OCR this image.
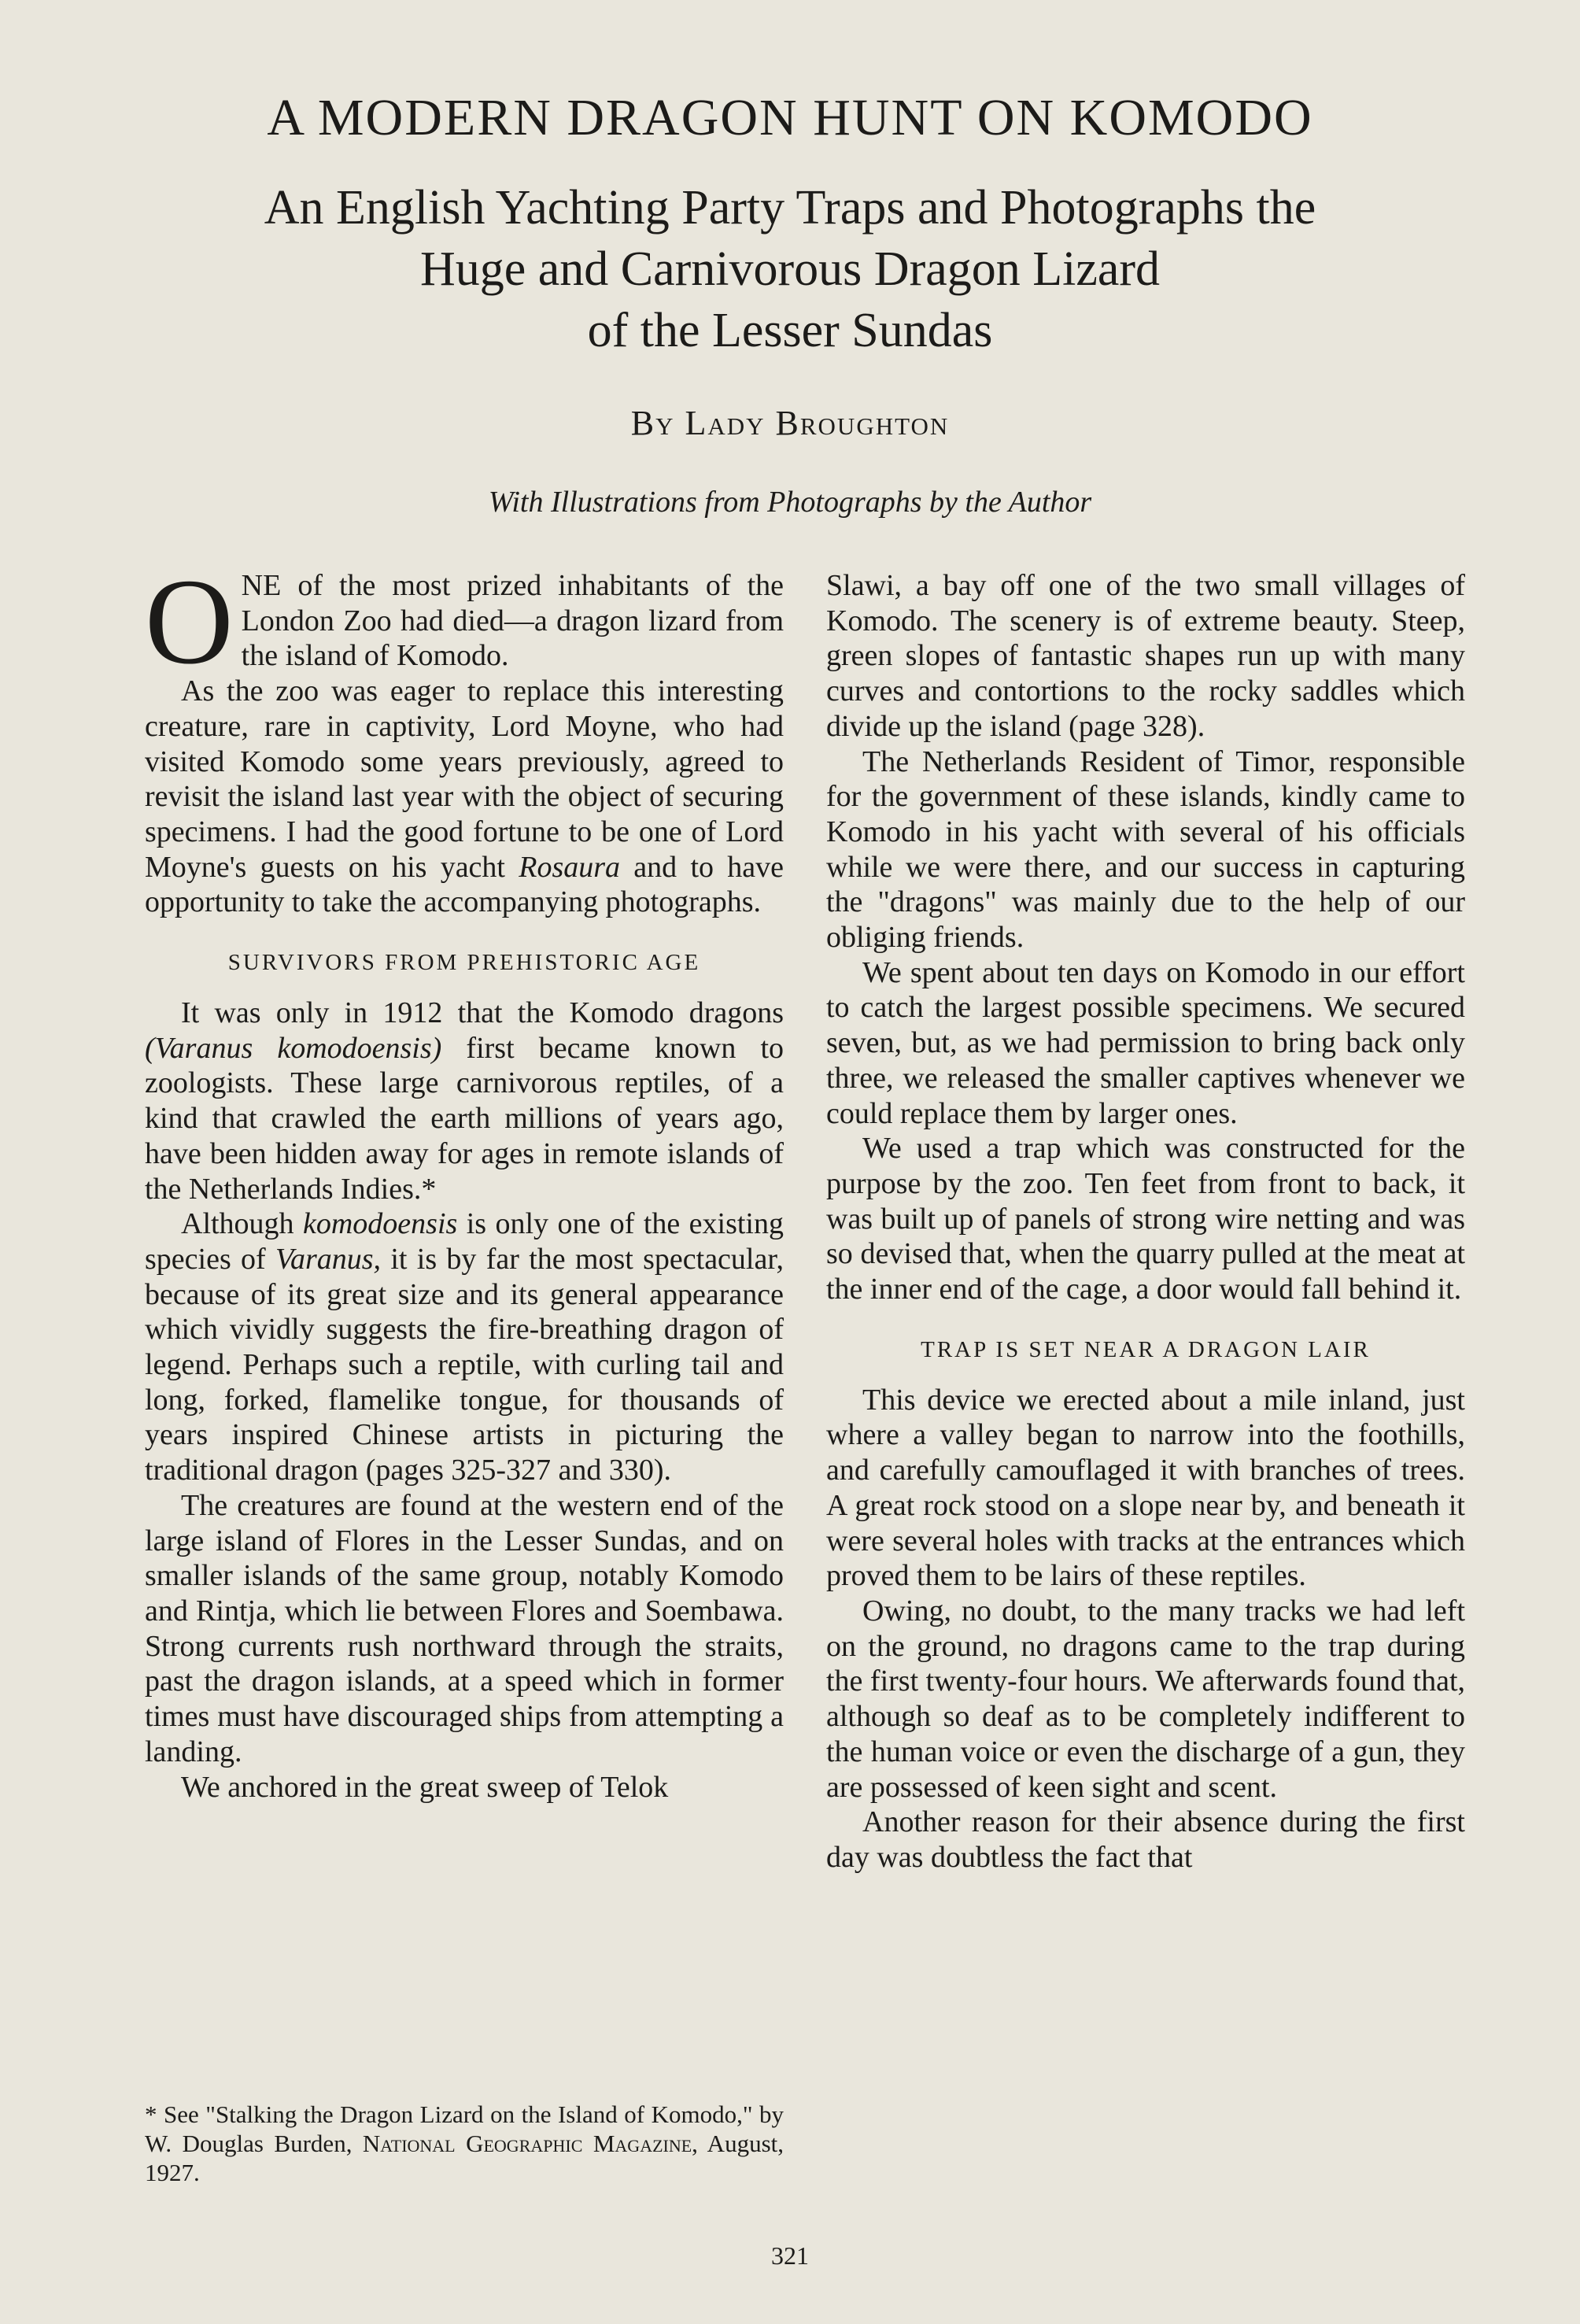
A MODERN DRAGON HUNT ON KOMODO
An English Yachting Party Traps and Photographs the
Huge and Carnivorous Dragon Lizard
of the Lesser Sundas
By Lady Broughton
With Illustrations from Photographs by the Author

ONE of the most prized inhabitants of the London Zoo had died—a dragon lizard from the island of Komodo.

As the zoo was eager to replace this interesting creature, rare in captivity, Lord Moyne, who had visited Komodo some years previously, agreed to revisit the island last year with the object of securing specimens. I had the good fortune to be one of Lord Moyne's guests on his yacht Rosaura and to have opportunity to take the accompanying photographs.

SURVIVORS FROM PREHISTORIC AGE

It was only in 1912 that the Komodo dragons (Varanus komodoensis) first became known to zoologists. These large carnivorous reptiles, of a kind that crawled the earth millions of years ago, have been hidden away for ages in remote islands of the Netherlands Indies.*

Although komodoensis is only one of the existing species of Varanus, it is by far the most spectacular, because of its great size and its general appearance which vividly suggests the fire-breathing dragon of legend. Perhaps such a reptile, with curling tail and long, forked, flamelike tongue, for thousands of years inspired Chinese artists in picturing the traditional dragon (pages 325-327 and 330).

The creatures are found at the western end of the large island of Flores in the Lesser Sundas, and on smaller islands of the same group, notably Komodo and Rintja, which lie between Flores and Soembawa. Strong currents rush northward through the straits, past the dragon islands, at a speed which in former times must have discouraged ships from attempting a landing.

We anchored in the great sweep of Telok

* See "Stalking the Dragon Lizard on the Island of Komodo," by W. Douglas Burden, National Geographic Magazine, August, 1927.

Slawi, a bay off one of the two small villages of Komodo. The scenery is of extreme beauty. Steep, green slopes of fantastic shapes run up with many curves and contortions to the rocky saddles which divide up the island (page 328).

The Netherlands Resident of Timor, responsible for the government of these islands, kindly came to Komodo in his yacht with several of his officials while we were there, and our success in capturing the "dragons" was mainly due to the help of our obliging friends.

We spent about ten days on Komodo in our effort to catch the largest possible specimens. We secured seven, but, as we had permission to bring back only three, we released the smaller captives whenever we could replace them by larger ones.

We used a trap which was constructed for the purpose by the zoo. Ten feet from front to back, it was built up of panels of strong wire netting and was so devised that, when the quarry pulled at the meat at the inner end of the cage, a door would fall behind it.

TRAP IS SET NEAR A DRAGON LAIR

This device we erected about a mile inland, just where a valley began to narrow into the foothills, and carefully camouflaged it with branches of trees. A great rock stood on a slope near by, and beneath it were several holes with tracks at the entrances which proved them to be lairs of these reptiles.

Owing, no doubt, to the many tracks we had left on the ground, no dragons came to the trap during the first twenty-four hours. We afterwards found that, although so deaf as to be completely indifferent to the human voice or even the discharge of a gun, they are possessed of keen sight and scent.

Another reason for their absence during the first day was doubtless the fact that

321
